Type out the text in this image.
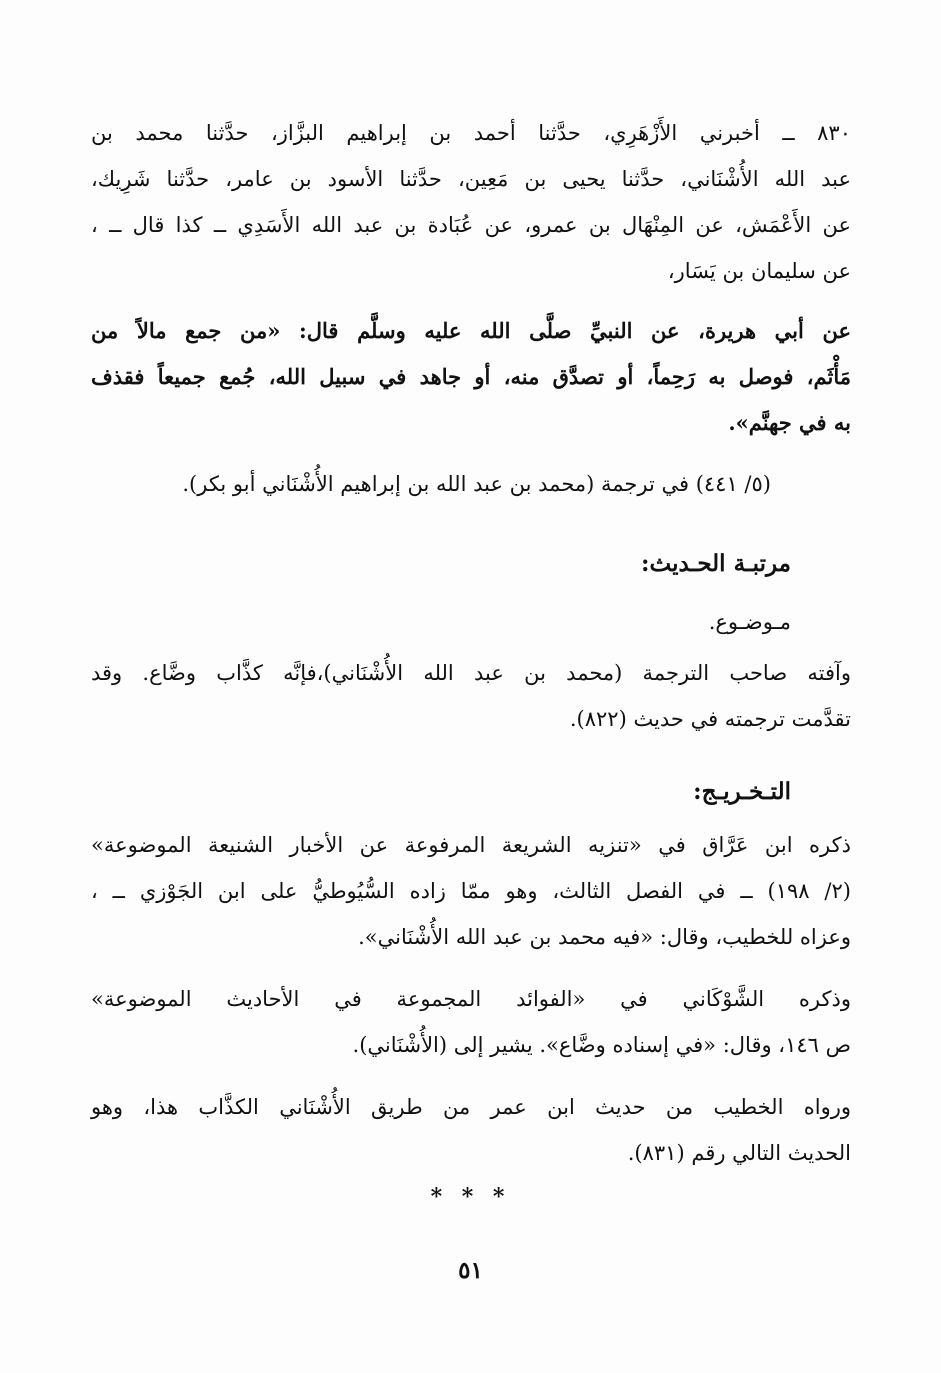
٨٣٠ ــ أخبرني الأَزْهَرِي، حدَّثنا أحمد بن إبراهيم البزَّاز، حدَّثنا محمد بن
عبد الله الأُشْنَاني، حدَّثنا يحيى بن مَعِين، حدَّثنا الأسود بن عامر، حدَّثنا شَرِيك،
عن الأَعْمَش، عن المِنْهَال بن عمرو، عن عُبَادة بن عبد الله الأَسَدِي ــ كذا قال ــ ،
عن سليمان بن يَسَار،
عن أبي هريرة، عن النبيِّ صلَّى الله عليه وسلَّم قال: «من جمع مالاً من
مَأْثَم، فوصل به رَحِماً، أو تصدَّق منه، أو جاهد في سبيل الله، جُمع جميعاً فقذف
به في جهنَّم».
(٥/ ٤٤١) في ترجمة (محمد بن عبد الله بن إبراهيم الأُشْنَاني أبو بكر).
مرتبـة الحـديث:
مـوضـوع.
وآفته صاحب الترجمة (محمد بن عبد الله الأُشْنَاني)،فإنَّه كذَّاب وضَّاع. وقد
تقدَّمت ترجمته في حديث (٨٢٢).
التـخـريـج:
ذكره ابن عَرَّاق في «تنزيه الشريعة المرفوعة عن الأخبار الشنيعة الموضوعة»
(٢/ ١٩٨) ــ في الفصل الثالث، وهو ممّا زاده السُّيُوطيُّ على ابن الجَوْزي ــ ،
وعزاه للخطيب، وقال: «فيه محمد بن عبد الله الأُشْنَاني».
وذكره الشَّوْكَاني في «الفوائد المجموعة في الأحاديث الموضوعة»
ص ١٤٦، وقال: «في إسناده وضَّاع». يشير إلى (الأُشْنَاني).
ورواه الخطيب من حديث ابن عمر من طريق الأُشْنَاني الكذَّاب هذا، وهو
الحديث التالي رقم (٨٣١).
* * *
٥١
